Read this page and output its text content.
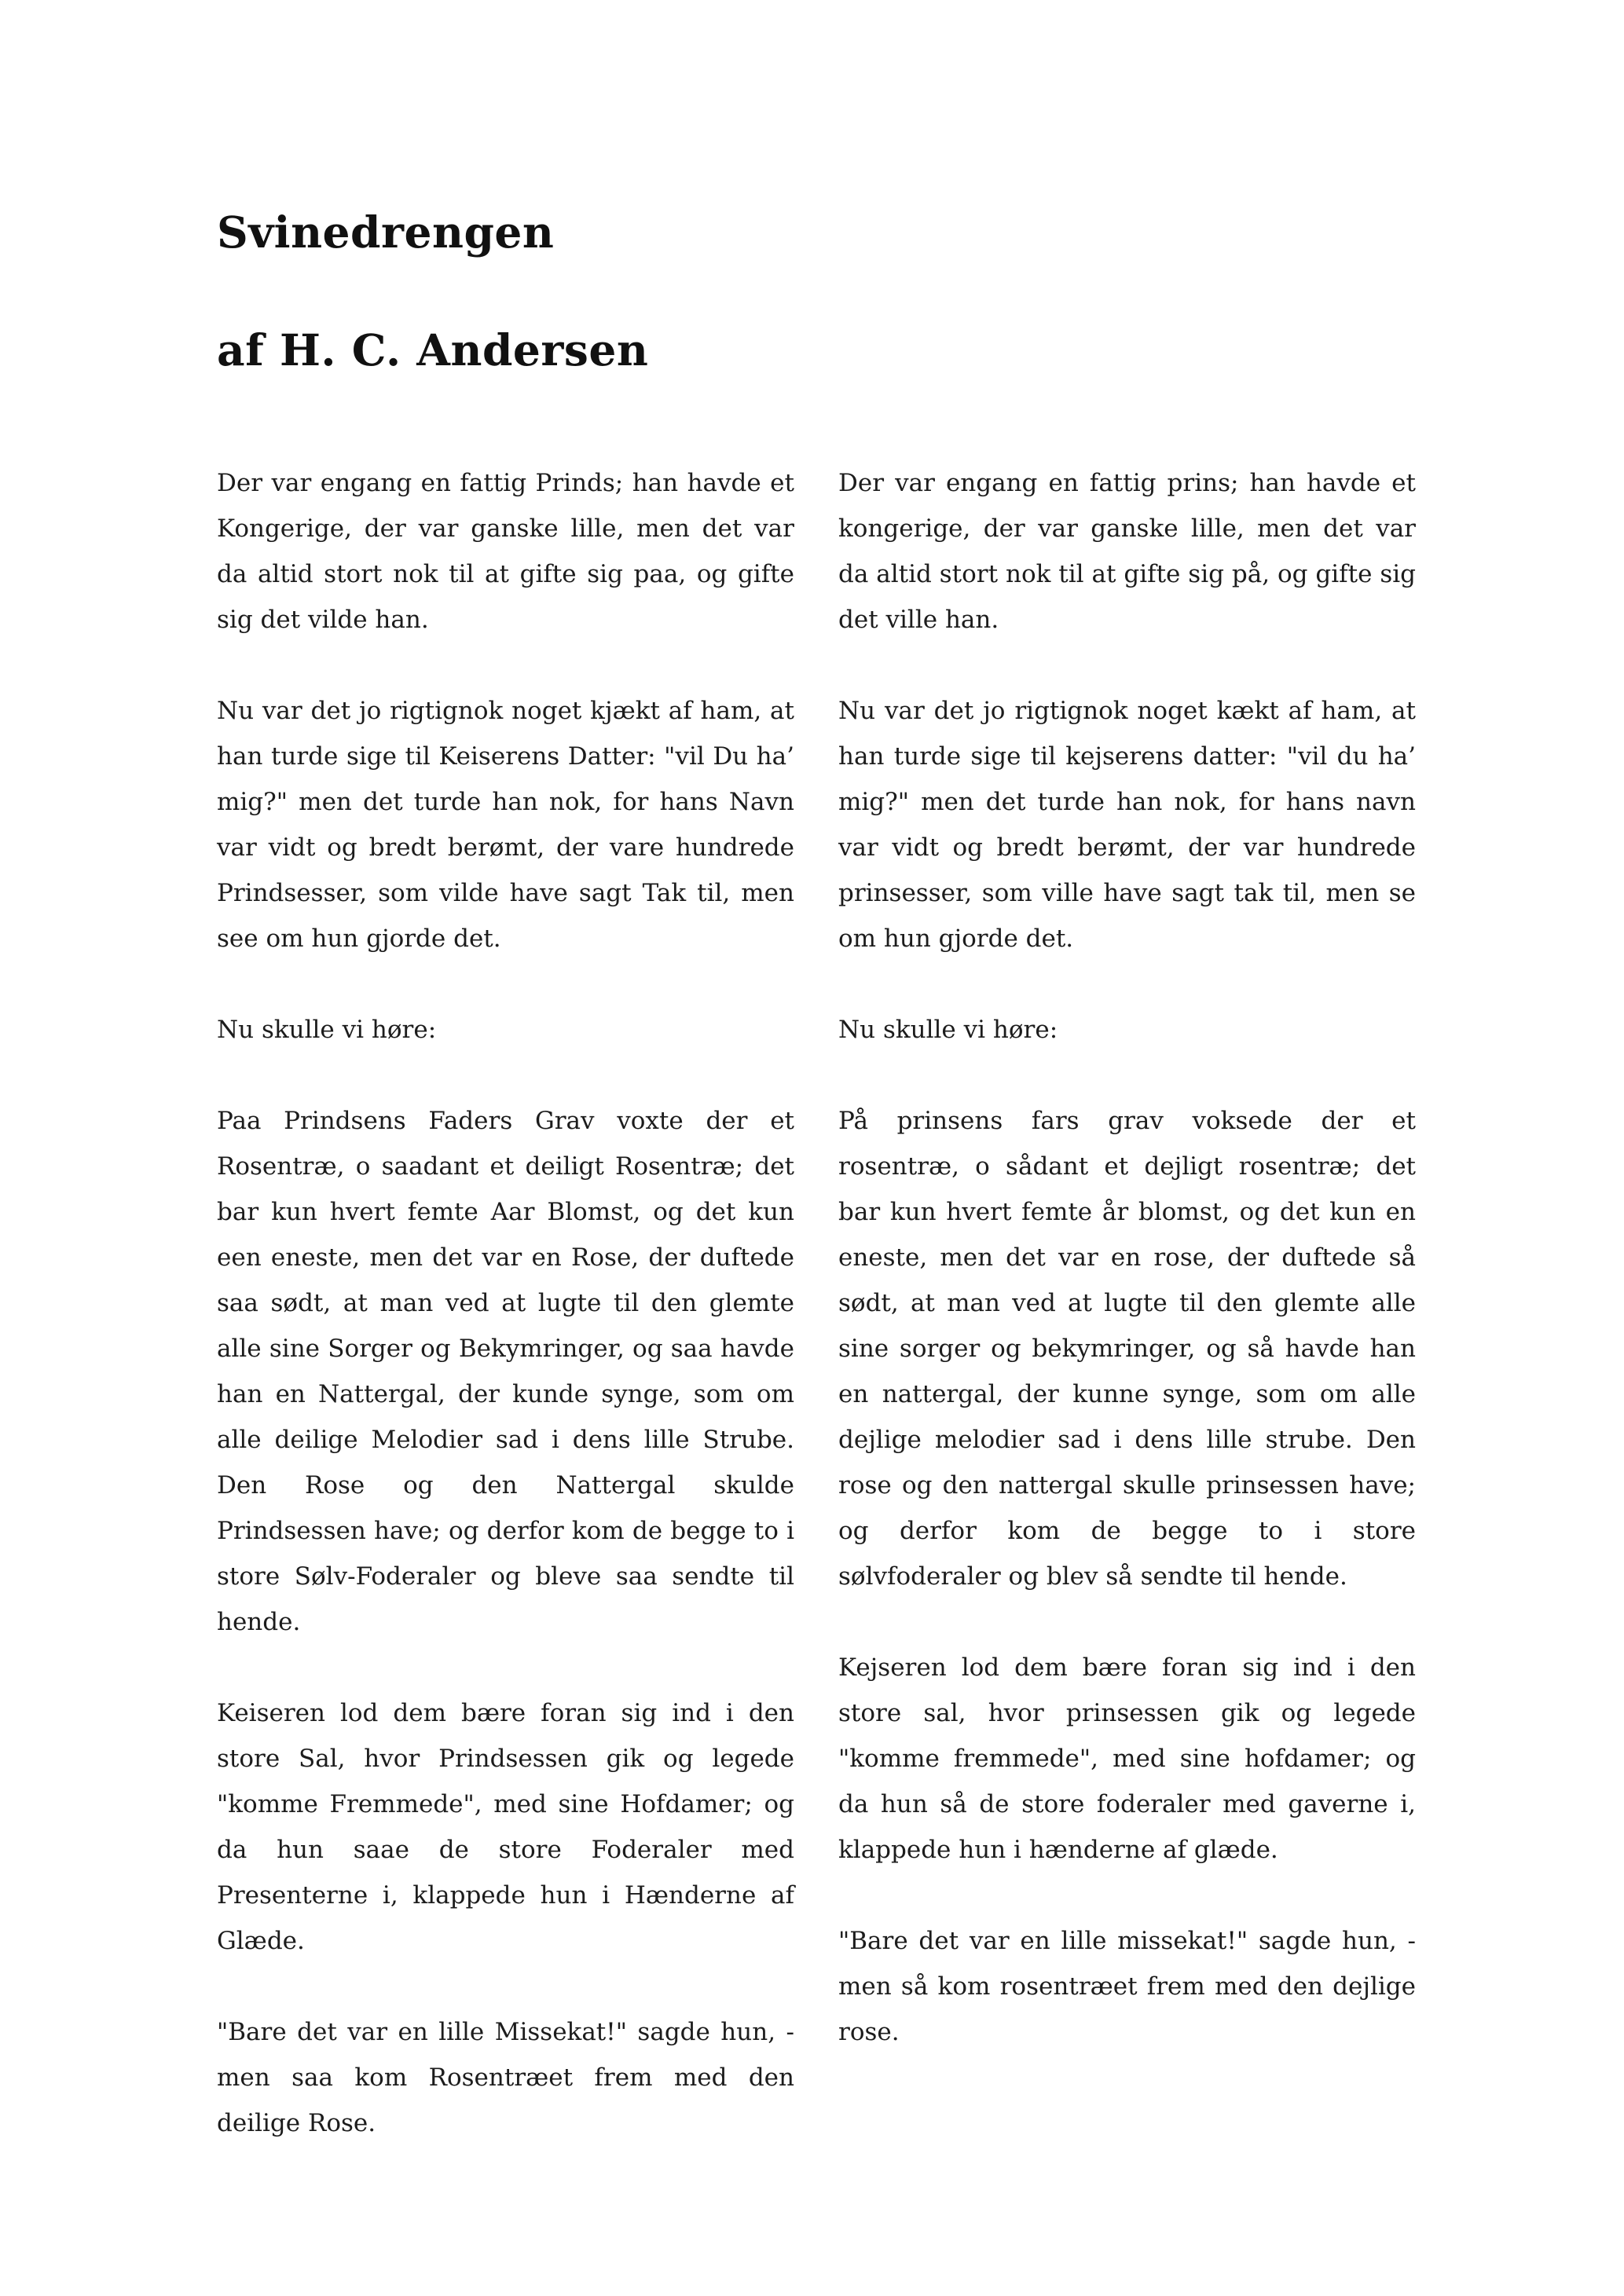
Svinedrengen
af H. C. Andersen

Der var engang en fattig Prinds; han havde et Kongerige, der var ganske lille, men det var da altid stort nok til at gifte sig paa, og gifte sig det vilde han.

Nu var det jo rigtignok noget kjækt af ham, at han turde sige til Keiserens Datter: "vil Du ha’ mig?" men det turde han nok, for hans Navn var vidt og bredt berømt, der vare hundrede Prindsesser, som vilde have sagt Tak til, men see om hun gjorde det.

Nu skulle vi høre:

Paa Prindsens Faders Grav voxte der et Rosentræ, o saadant et deiligt Rosentræ; det bar kun hvert femte Aar Blomst, og det kun een eneste, men det var en Rose, der duftede saa sødt, at man ved at lugte til den glemte alle sine Sorger og Bekymringer, og saa havde han en Nattergal, der kunde synge, som om alle deilige Melodier sad i dens lille Strube. Den Rose og den Nattergal skulde Prindsessen have; og derfor kom de begge to i store Sølv-Foderaler og bleve saa sendte til hende.

Keiseren lod dem bære foran sig ind i den store Sal, hvor Prindsessen gik og legede "komme Fremmede", med sine Hofdamer; og da hun saae de store Foderaler med Presenterne i, klappede hun i Hænderne af Glæde.

"Bare det var en lille Missekat!" sagde hun, - men saa kom Rosentræet frem med den deilige Rose.

Der var engang en fattig prins; han havde et kongerige, der var ganske lille, men det var da altid stort nok til at gifte sig på, og gifte sig det ville han.

Nu var det jo rigtignok noget kækt af ham, at han turde sige til kejserens datter: "vil du ha’ mig?" men det turde han nok, for hans navn var vidt og bredt berømt, der var hundrede prinsesser, som ville have sagt tak til, men se om hun gjorde det.

Nu skulle vi høre:

På prinsens fars grav voksede der et rosentræ, o sådant et dejligt rosentræ; det bar kun hvert femte år blomst, og det kun en eneste, men det var en rose, der duftede så sødt, at man ved at lugte til den glemte alle sine sorger og bekymringer, og så havde han en nattergal, der kunne synge, som om alle dejlige melodier sad i dens lille strube. Den rose og den nattergal skulle prinsessen have; og derfor kom de begge to i store sølvfoderaler og blev så sendte til hende.

Kejseren lod dem bære foran sig ind i den store sal, hvor prinsessen gik og legede "komme fremmede", med sine hofdamer; og da hun så de store foderaler med gaverne i, klappede hun i hænderne af glæde.

"Bare det var en lille missekat!" sagde hun, - men så kom rosentræet frem med den dejlige rose.
